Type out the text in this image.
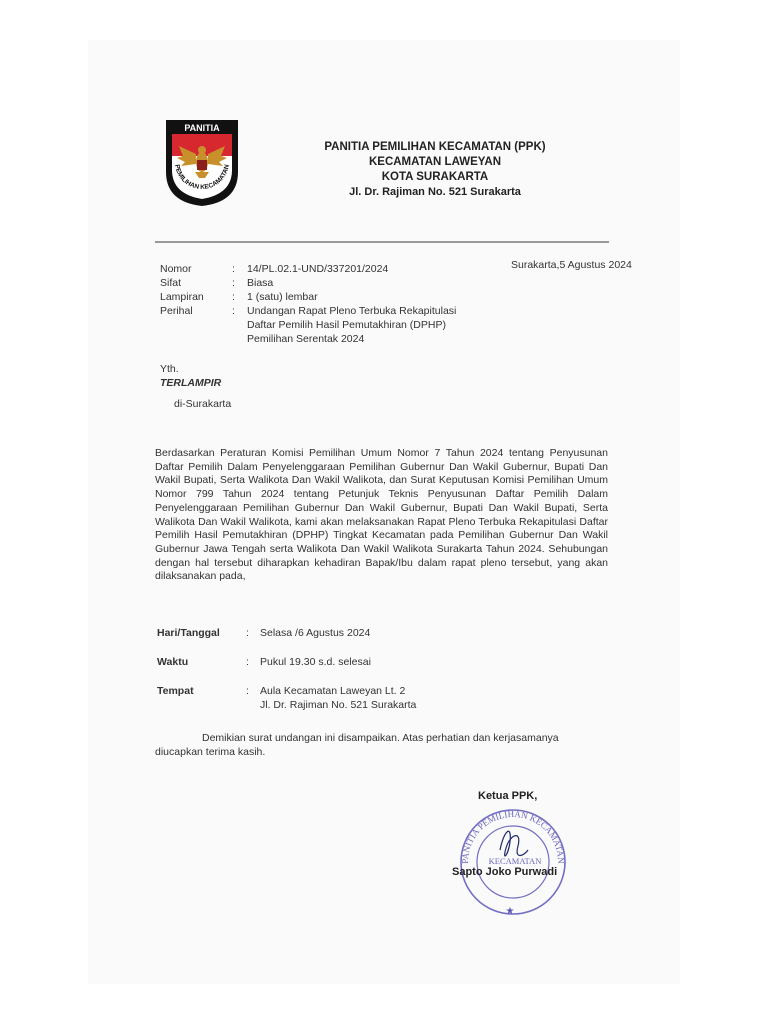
PANITIA
PEMILIHAN KECAMATAN
PANITIA PEMILIHAN KECAMATAN (PPK)
KECAMATAN LAWEYAN
KOTA SURAKARTA
Jl. Dr. Rajiman No. 521 Surakarta
Surakarta,5 Agustus 2024
Nomor	:	14/PL.02.1-UND/337201/2024
Sifat	:	Biasa
Lampiran	:	1 (satu) lembar
Perihal	:	Undangan Rapat Pleno Terbuka Rekapitulasi Daftar Pemilih Hasil Pemutakhiran (DPHP) Pemilihan Serentak 2024
Yth.
TERLAMPIR
di-Surakarta
Berdasarkan Peraturan Komisi Pemilihan Umum Nomor 7 Tahun 2024 tentang Penyusunan Daftar Pemilih Dalam Penyelenggaraan Pemilihan Gubernur Dan Wakil Gubernur, Bupati Dan Wakil Bupati, Serta Walikota Dan Wakil Walikota, dan Surat Keputusan Komisi Pemilihan Umum Nomor 799 Tahun 2024 tentang Petunjuk Teknis Penyusunan Daftar Pemilih Dalam Penyelenggaraan Pemilihan Gubernur Dan Wakil Gubernur, Bupati Dan Wakil Bupati, Serta Walikota Dan Wakil Walikota, kami akan melaksanakan Rapat Pleno Terbuka Rekapitulasi Daftar Pemilih Hasil Pemutakhiran (DPHP) Tingkat Kecamatan pada Pemilihan Gubernur Dan Wakil Gubernur Jawa Tengah serta Walikota Dan Wakil Walikota Surakarta Tahun 2024. Sehubungan dengan hal tersebut diharapkan kehadiran Bapak/Ibu dalam rapat pleno tersebut, yang akan dilaksanakan pada,
Hari/Tanggal	: Selasa /6 Agustus 2024
Waktu	: Pukul 19.30 s.d. selesai
Tempat	: Aula Kecamatan Laweyan Lt. 2
Jl. Dr. Rajiman No. 521 Surakarta
Demikian surat undangan ini disampaikan. Atas perhatian dan kerjasamanya diucapkan terima kasih.
PANITIA PEMILIHAN KECAMATAN
KECAMATAN
★
Ketua PPK,
Sapto Joko Purwadi
